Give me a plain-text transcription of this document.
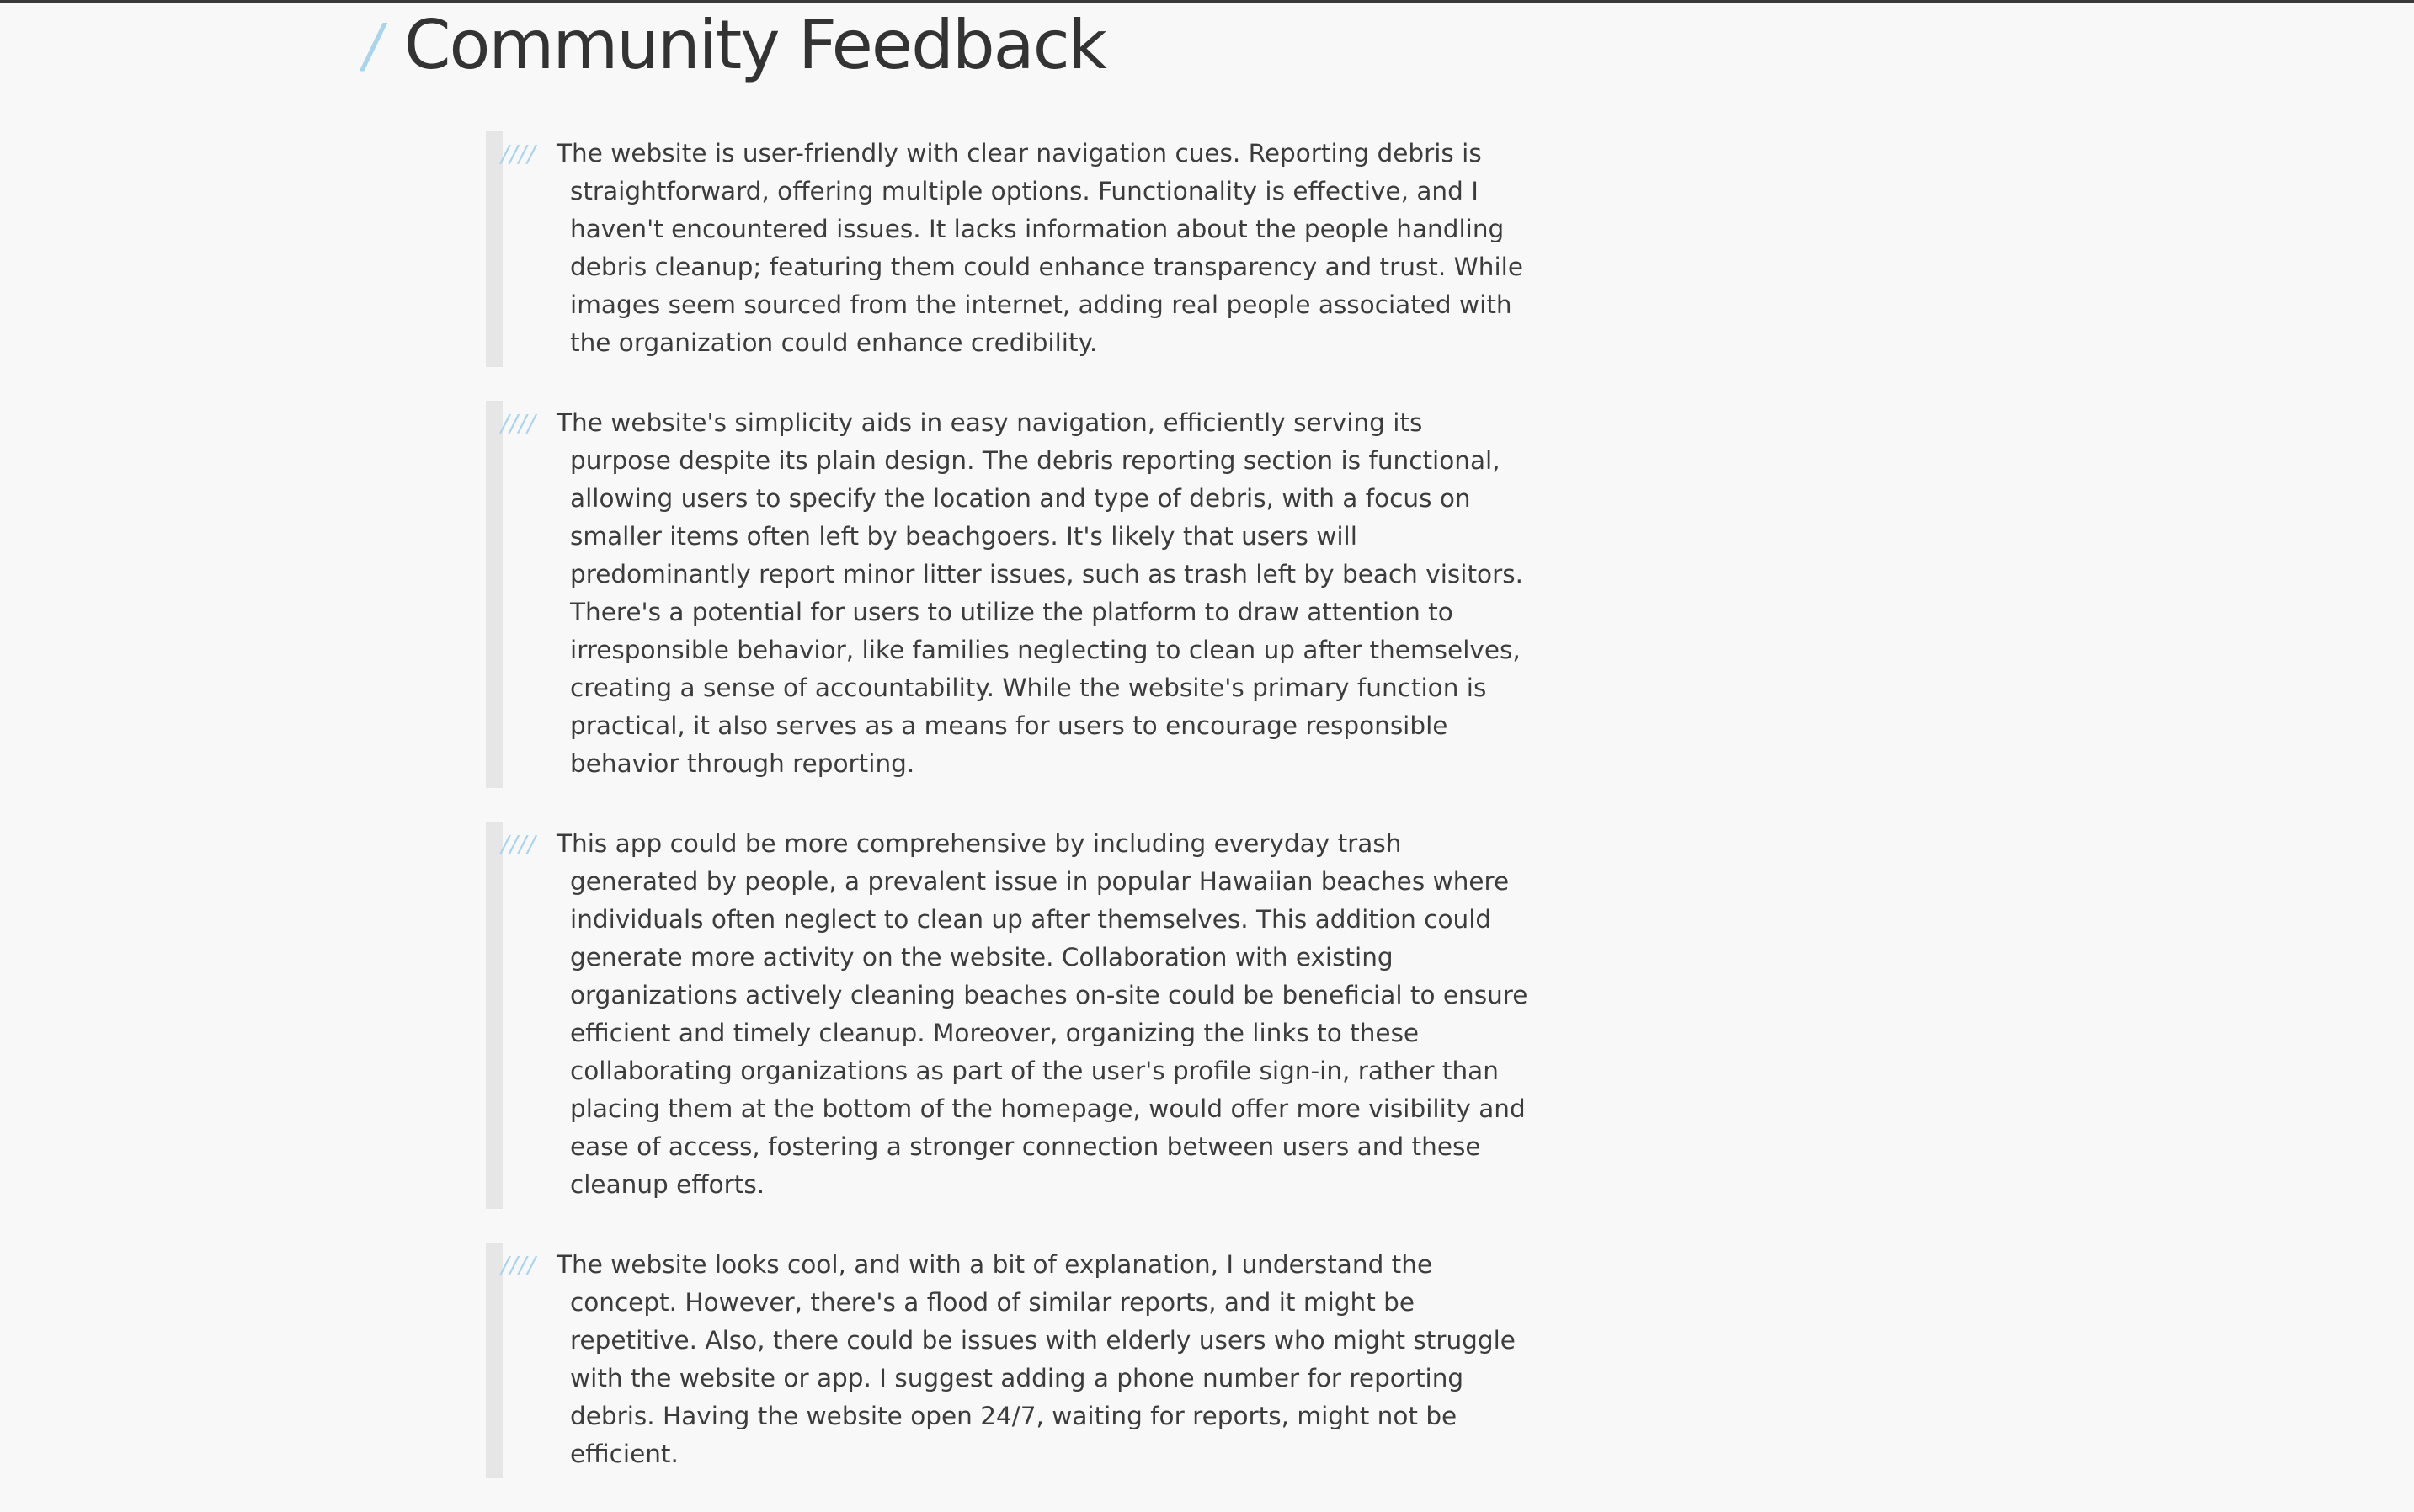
/ Community Feedback

//// The website is user-friendly with clear navigation cues. Reporting debris is straightforward, offering multiple options. Functionality is effective, and I haven't encountered issues. It lacks information about the people handling debris cleanup; featuring them could enhance transparency and trust. While images seem sourced from the internet, adding real people associated with the organization could enhance credibility.

//// The website's simplicity aids in easy navigation, efficiently serving its purpose despite its plain design. The debris reporting section is functional, allowing users to specify the location and type of debris, with a focus on smaller items often left by beachgoers. It's likely that users will predominantly report minor litter issues, such as trash left by beach visitors. There's a potential for users to utilize the platform to draw attention to irresponsible behavior, like families neglecting to clean up after themselves, creating a sense of accountability. While the website's primary function is practical, it also serves as a means for users to encourage responsible behavior through reporting.

//// This app could be more comprehensive by including everyday trash generated by people, a prevalent issue in popular Hawaiian beaches where individuals often neglect to clean up after themselves. This addition could generate more activity on the website. Collaboration with existing organizations actively cleaning beaches on-site could be beneficial to ensure efficient and timely cleanup. Moreover, organizing the links to these collaborating organizations as part of the user's profile sign-in, rather than placing them at the bottom of the homepage, would offer more visibility and ease of access, fostering a stronger connection between users and these cleanup efforts.

//// The website looks cool, and with a bit of explanation, I understand the concept. However, there's a flood of similar reports, and it might be repetitive. Also, there could be issues with elderly users who might struggle with the website or app. I suggest adding a phone number for reporting debris. Having the website open 24/7, waiting for reports, might not be efficient.
